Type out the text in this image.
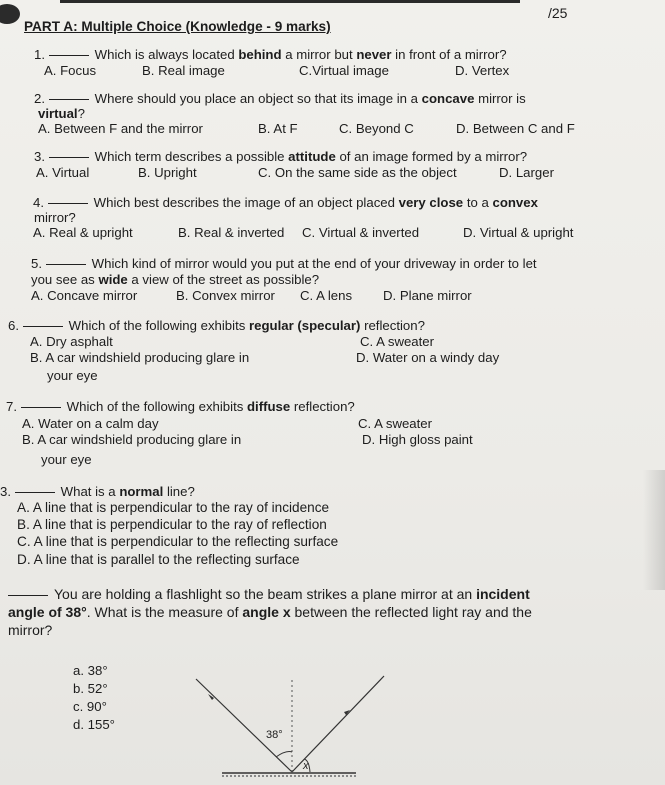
/25
PART A: Multiple Choice (Knowledge - 9 marks)
1.	Which is always located behind a mirror but never in front of a mirror?
A. Focus	B. Real image	C.Virtual image	D. Vertex
2.	Where should you place an object so that its image in a concave mirror is
virtual?
A. Between F and the mirror	B. At F	C. Beyond C	D. Between C and F
3.	Which term describes a possible attitude of an image formed by a mirror?
A. Virtual	B. Upright	C. On the same side as the object	D. Larger
4.	Which best describes the image of an object placed very close to a convex
mirror?
A. Real & upright	B. Real & inverted C. Virtual & inverted	D. Virtual & upright
5.	Which kind of mirror would you put at the end of your driveway in order to let
you see as wide a view of the street as possible?
A. Concave mirror	B. Convex mirror C. A lens D. Plane mirror
6.	Which of the following exhibits regular (specular) reflection?
A. Dry asphalt	C. A sweater
B. A car windshield producing glare in	D. Water on a windy day
your eye
7.	Which of the following exhibits diffuse reflection?
A. Water on a calm day	C. A sweater
B. A car windshield producing glare in	D. High gloss paint
your eye
3.	What is a normal line?
A. A line that is perpendicular to the ray of incidence
B. A line that is perpendicular to the ray of reflection
C. A line that is perpendicular to the reflecting surface
D. A line that is parallel to the reflecting surface
You are holding a flashlight so the beam strikes a plane mirror at an incident
angle of 38°. What is the measure of angle x between the reflected light ray and the
mirror?
a. 38°
b. 52°
c. 90°
d. 155°
38°
x
